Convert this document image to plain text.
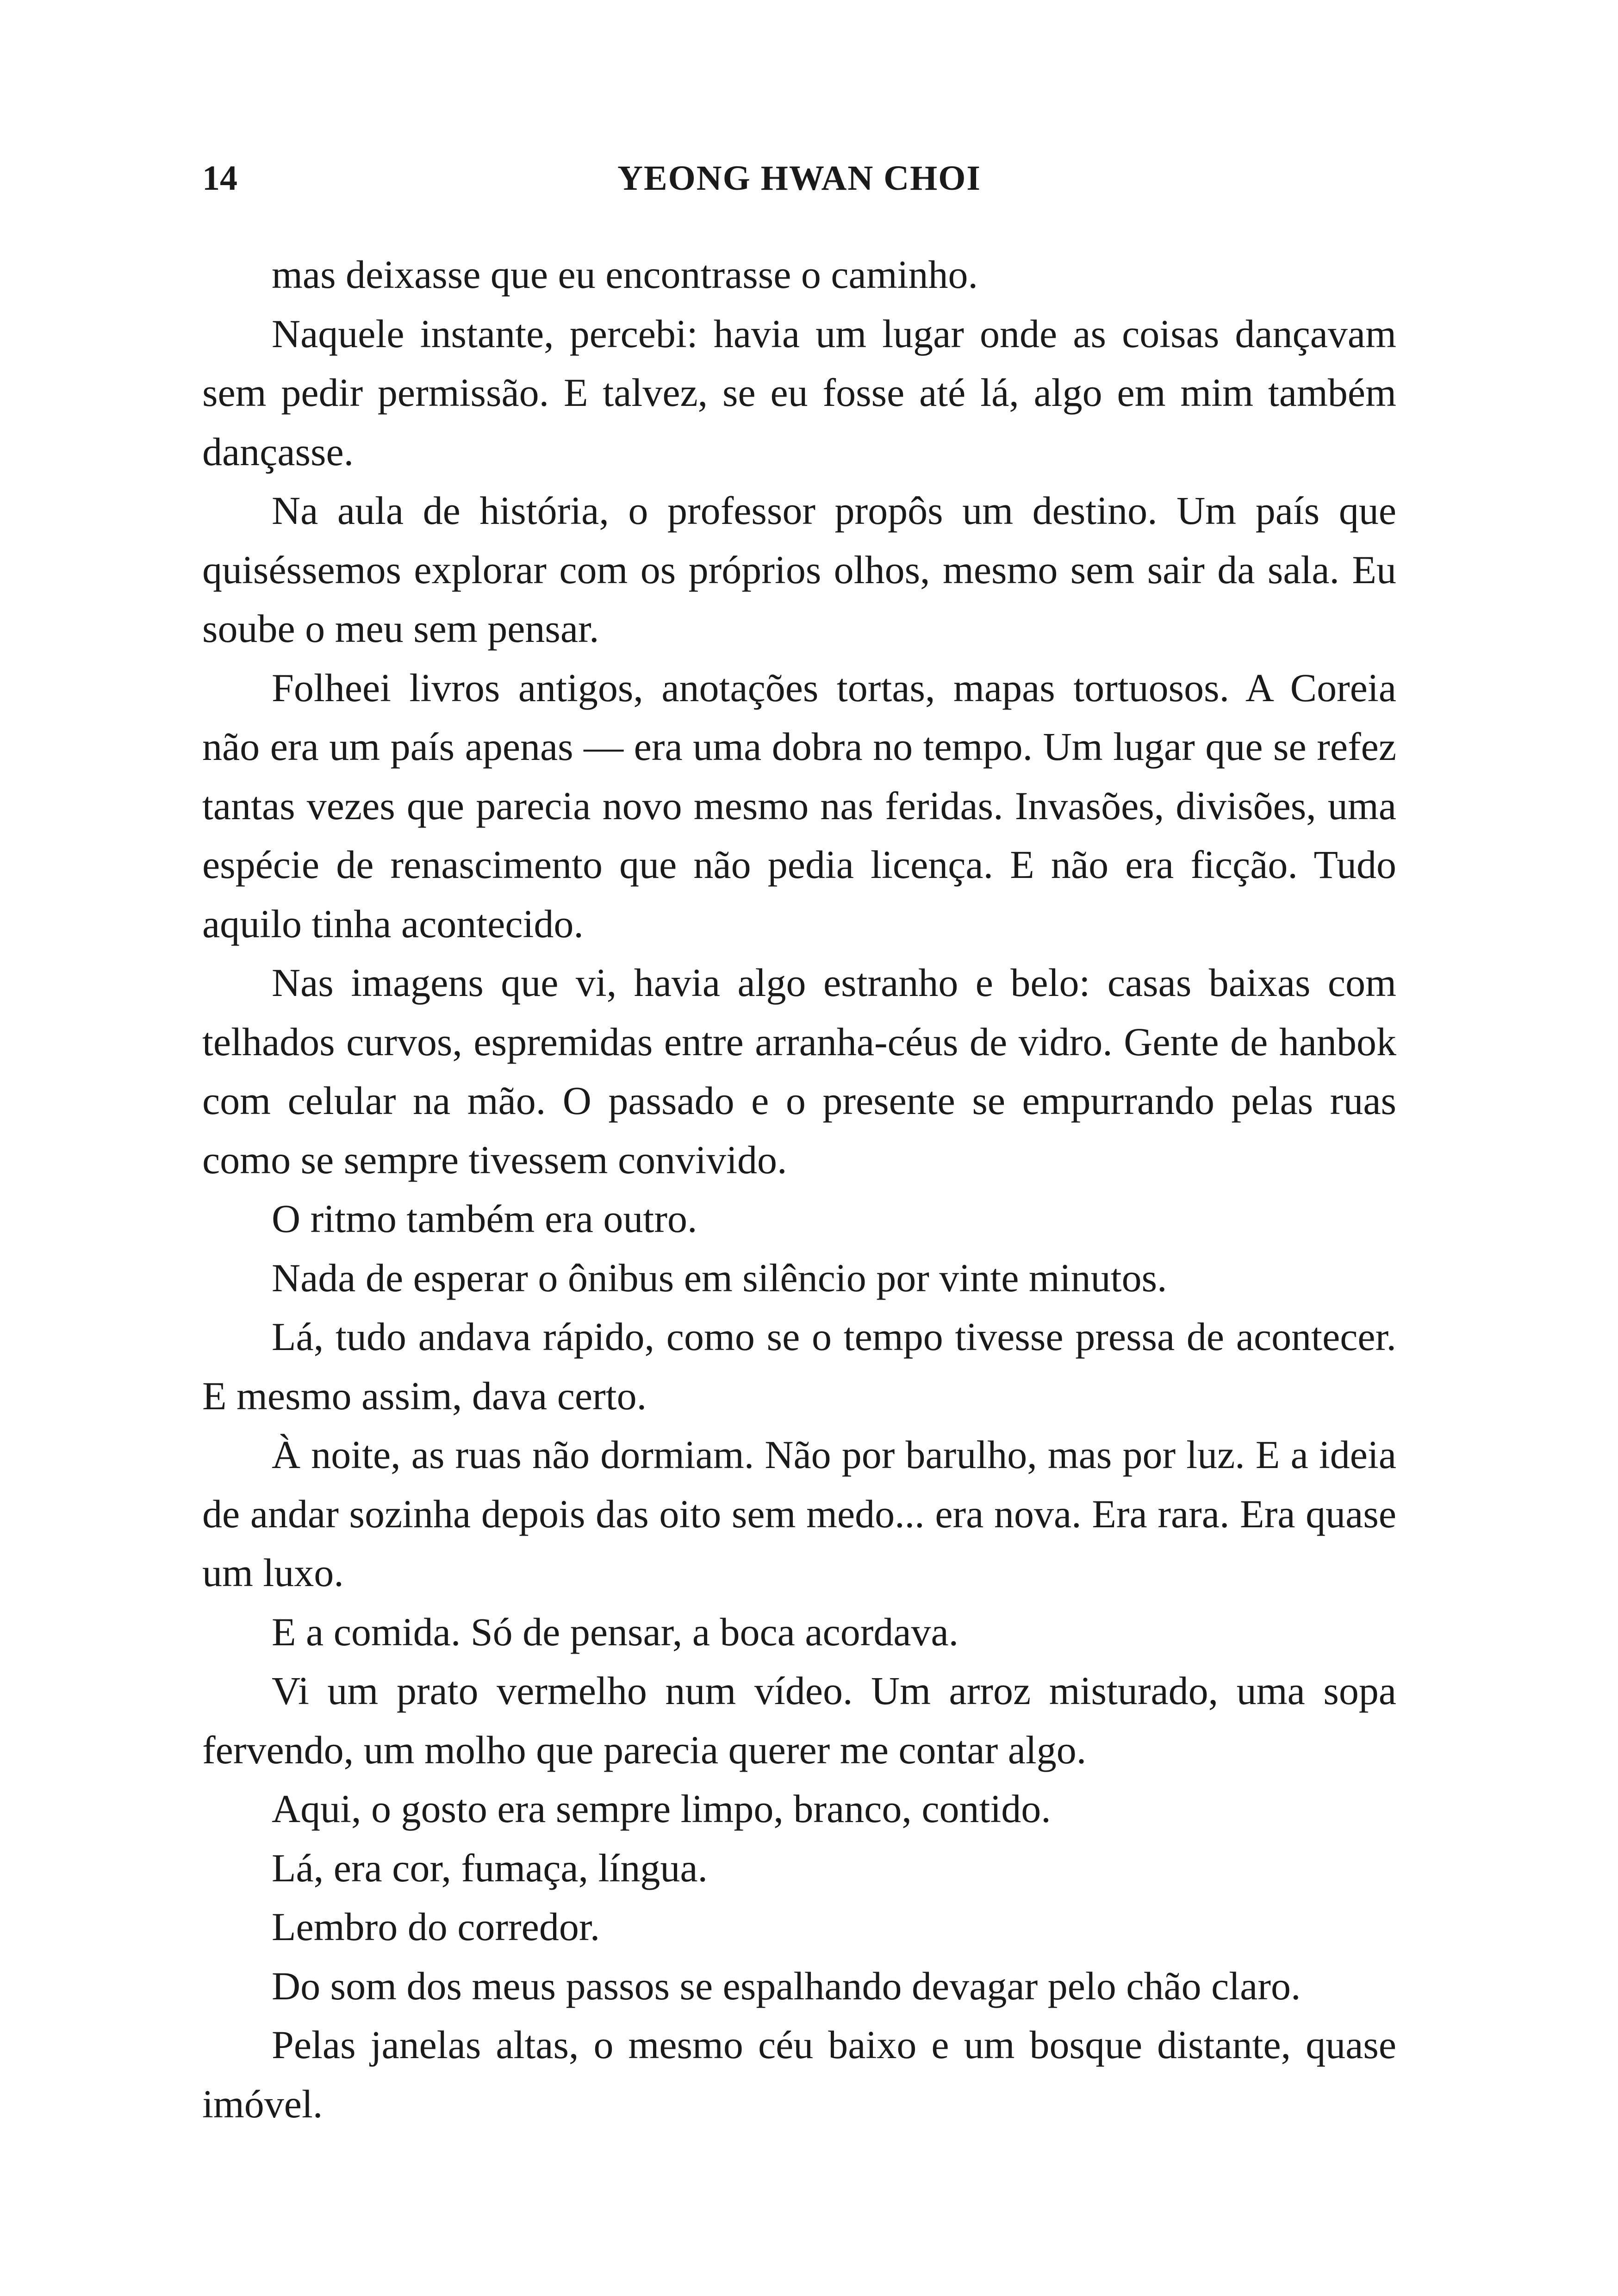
14	YEONG HWAN CHOI

mas deixasse que eu encontrasse o caminho.

Naquele instante, percebi: havia um lugar onde as coisas dançavam sem pedir permissão. E talvez, se eu fosse até lá, algo em mim também dançasse.

Na aula de história, o professor propôs um destino. Um país que quiséssemos explorar com os próprios olhos, mesmo sem sair da sala. Eu soube o meu sem pensar.

Folheei livros antigos, anotações tortas, mapas tortuosos. A Coreia não era um país apenas — era uma dobra no tempo. Um lugar que se refez tantas vezes que parecia novo mesmo nas feridas. Invasões, divisões, uma espécie de renascimento que não pedia licença. E não era ficção. Tudo aquilo tinha acontecido.

Nas imagens que vi, havia algo estranho e belo: casas baixas com telhados curvos, espremidas entre arranha-céus de vidro. Gente de hanbok com celular na mão. O passado e o presente se empurrando pelas ruas como se sempre tivessem convivido.

O ritmo também era outro.

Nada de esperar o ônibus em silêncio por vinte minutos.

Lá, tudo andava rápido, como se o tempo tivesse pressa de acontecer. E mesmo assim, dava certo.

À noite, as ruas não dormiam. Não por barulho, mas por luz. E a ideia de andar sozinha depois das oito sem medo... era nova. Era rara. Era quase um luxo.

E a comida. Só de pensar, a boca acordava.

Vi um prato vermelho num vídeo. Um arroz misturado, uma sopa fervendo, um molho que parecia querer me contar algo.

Aqui, o gosto era sempre limpo, branco, contido.

Lá, era cor, fumaça, língua.

Lembro do corredor.

Do som dos meus passos se espalhando devagar pelo chão claro.

Pelas janelas altas, o mesmo céu baixo e um bosque distante, quase imóvel.
